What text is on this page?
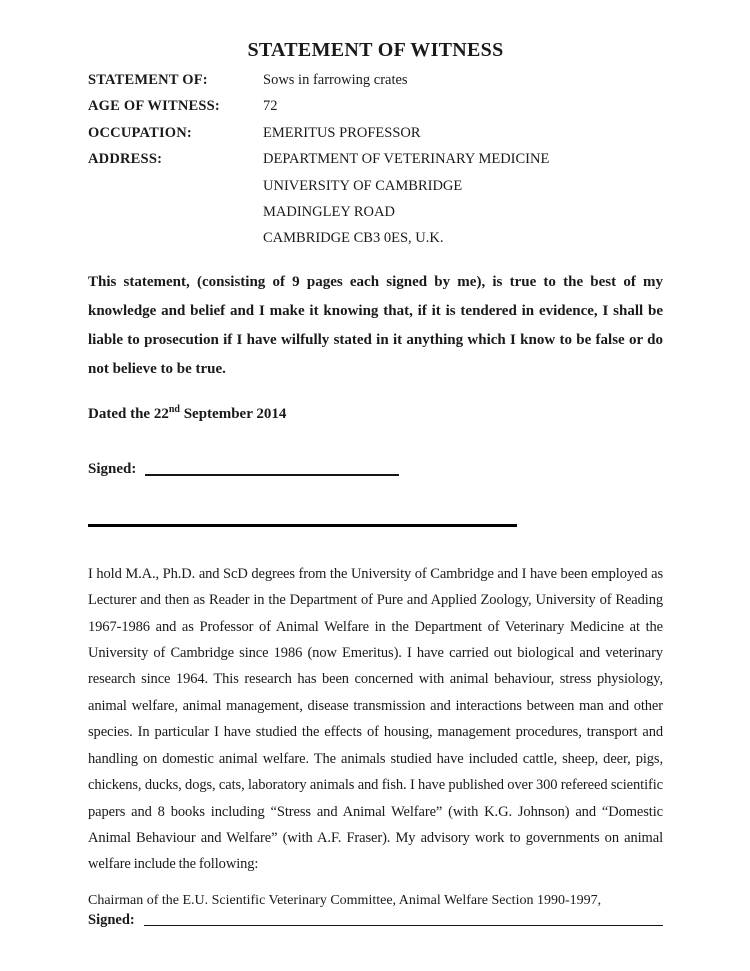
STATEMENT OF WITNESS
STATEMENT OF:	Sows in farrowing crates
AGE OF WITNESS:	72
OCCUPATION:	EMERITUS PROFESSOR
ADDRESS:	DEPARTMENT OF VETERINARY MEDICINE
UNIVERSITY OF CAMBRIDGE
MADINGLEY ROAD
CAMBRIDGE CB3 0ES, U.K.

This statement, (consisting of 9 pages each signed by me), is true to the best of my knowledge and belief and I make it knowing that, if it is tendered in evidence, I shall be liable to prosecution if I have wilfully stated in it anything which I know to be false or do not believe to be true.

Dated the 22nd September 2014
Signed:

I hold M.A., Ph.D. and ScD degrees from the University of Cambridge and I have been employed as Lecturer and then as Reader in the Department of Pure and Applied Zoology, University of Reading 1967-1986 and as Professor of Animal Welfare in the Department of Veterinary Medicine at the University of Cambridge since 1986 (now Emeritus). I have carried out biological and veterinary research since 1964. This research has been concerned with animal behaviour, stress physiology, animal welfare, animal management, disease transmission and interactions between man and other species. In particular I have studied the effects of housing, management procedures, transport and handling on domestic animal welfare. The animals studied have included cattle, sheep, deer, pigs, chickens, ducks, dogs, cats, laboratory animals and fish. I have published over 300 refereed scientific papers and 8 books including “Stress and Animal Welfare” (with K.G. Johnson) and “Domestic Animal Behaviour and Welfare” (with A.F. Fraser). My advisory work to governments on animal welfare include the following:

Chairman of the E.U. Scientific Veterinary Committee, Animal Welfare Section 1990-1997,
Signed:
